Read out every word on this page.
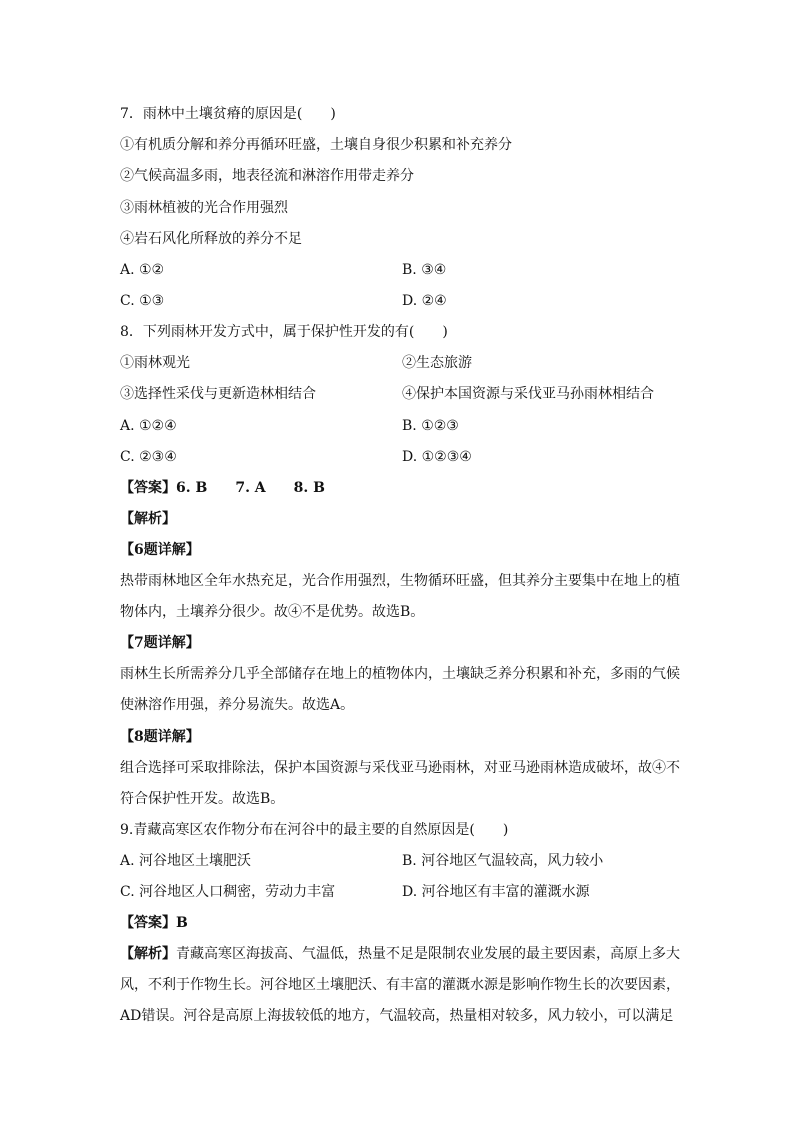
7．雨林中土壤贫瘠的原因是(　　)
①有机质分解和养分再循环旺盛，土壤自身很少积累和补充养分
②气候高温多雨，地表径流和淋溶作用带走养分
③雨林植被的光合作用强烈
④岩石风化所释放的养分不足
A. ①②	B. ③④
C. ①③	D. ②④
8．下列雨林开发方式中，属于保护性开发的有(　　)
①雨林观光	②生态旅游
③选择性采伐与更新造林相结合	④保护本国资源与采伐亚马孙雨林相结合
A. ①②④	B. ①②③
C. ②③④	D. ①②③④
【答案】6. B　　7. A　　8. B
【解析】
【6题详解】
热带雨林地区全年水热充足，光合作用强烈，生物循环旺盛，但其养分主要集中在地上的植
物体内，土壤养分很少。故④不是优势。故选B。
【7题详解】
雨林生长所需养分几乎全部储存在地上的植物体内，土壤缺乏养分积累和补充，多雨的气候
使淋溶作用强，养分易流失。故选A。
【8题详解】
组合选择可采取排除法，保护本国资源与采伐亚马逊雨林，对亚马逊雨林造成破坏，故④不
符合保护性开发。故选B。
9.青藏高寒区农作物分布在河谷中的最主要的自然原因是(　　)
A. 河谷地区土壤肥沃	B. 河谷地区气温较高，风力较小
C. 河谷地区人口稠密，劳动力丰富	D. 河谷地区有丰富的灌溉水源
【答案】B
【解析】青藏高寒区海拔高、气温低，热量不足是限制农业发展的最主要因素，高原上多大
风，不利于作物生长。河谷地区土壤肥沃、有丰富的灌溉水源是影响作物生长的次要因素，
AD错误。河谷是高原上海拔较低的地方，气温较高，热量相对较多，风力较小，可以满足
